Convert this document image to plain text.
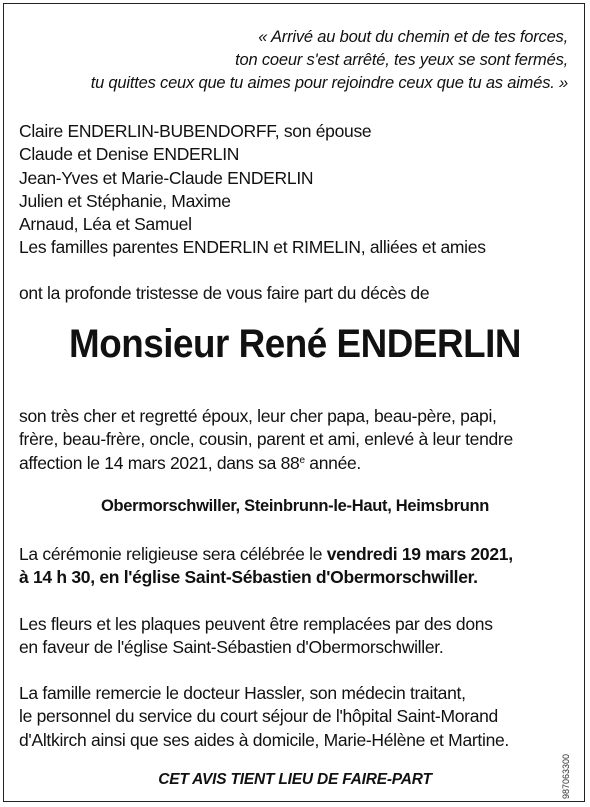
« Arrivé au bout du chemin et de tes forces,
ton coeur s'est arrêté, tes yeux se sont fermés,
tu quittes ceux que tu aimes pour rejoindre ceux que tu as aimés. »
Claire ENDERLIN-BUBENDORFF, son épouse
Claude et Denise ENDERLIN
Jean-Yves et Marie-Claude ENDERLIN
Julien et Stéphanie, Maxime
Arnaud, Léa et Samuel
Les familles parentes ENDERLIN et RIMELIN, alliées et amies
ont la profonde tristesse de vous faire part du décès de
Monsieur René ENDERLIN
son très cher et regretté époux, leur cher papa, beau-père, papi,
frère, beau-frère, oncle, cousin, parent et ami, enlevé à leur tendre
affection le 14 mars 2021, dans sa 88e année.
Obermorschwiller, Steinbrunn-le-Haut, Heimsbrunn
La cérémonie religieuse sera célébrée le vendredi 19 mars 2021,
à 14 h 30, en l'église Saint-Sébastien d'Obermorschwiller.
Les fleurs et les plaques peuvent être remplacées par des dons
en faveur de l'église Saint-Sébastien d'Obermorschwiller.
La famille remercie le docteur Hassler, son médecin traitant,
le personnel du service du court séjour de l'hôpital Saint-Morand
d'Altkirch ainsi que ses aides à domicile, Marie-Hélène et Martine.
CET AVIS TIENT LIEU DE FAIRE-PART	987063300
